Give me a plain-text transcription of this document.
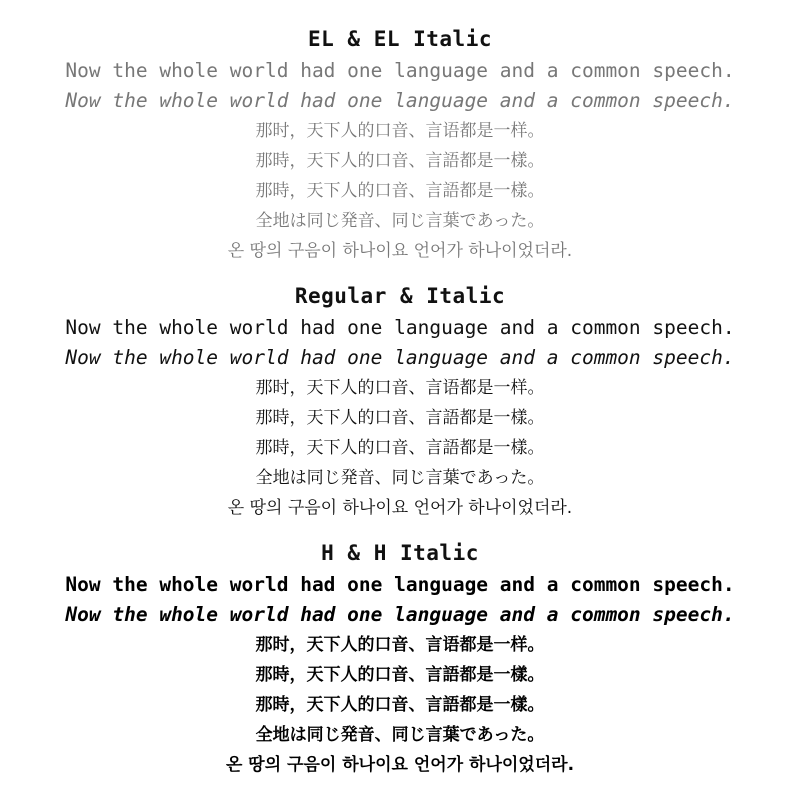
EL & EL Italic
Now the whole world had one language and a common speech.
Now the whole world had one language and a common speech.
那时，天下人的口音、言语都是一样。
那時，天下人的口音、言語都是一樣。
那時，天下人的口音、言語都是一樣。
全地は同じ発音、同じ言葉であった。
온 땅의 구음이 하나이요 언어가 하나이었더라.
Regular & Italic
Now the whole world had one language and a common speech.
Now the whole world had one language and a common speech.
那时，天下人的口音、言语都是一样。
那時，天下人的口音、言語都是一樣。
那時，天下人的口音、言語都是一樣。
全地は同じ発音、同じ言葉であった。
온 땅의 구음이 하나이요 언어가 하나이었더라.
H & H Italic
Now the whole world had one language and a common speech.
Now the whole world had one language and a common speech.
那时，天下人的口音、言语都是一样。
那時，天下人的口音、言語都是一樣。
那時，天下人的口音、言語都是一樣。
全地は同じ発音、同じ言葉であった。
온 땅의 구음이 하나이요 언어가 하나이었더라.
